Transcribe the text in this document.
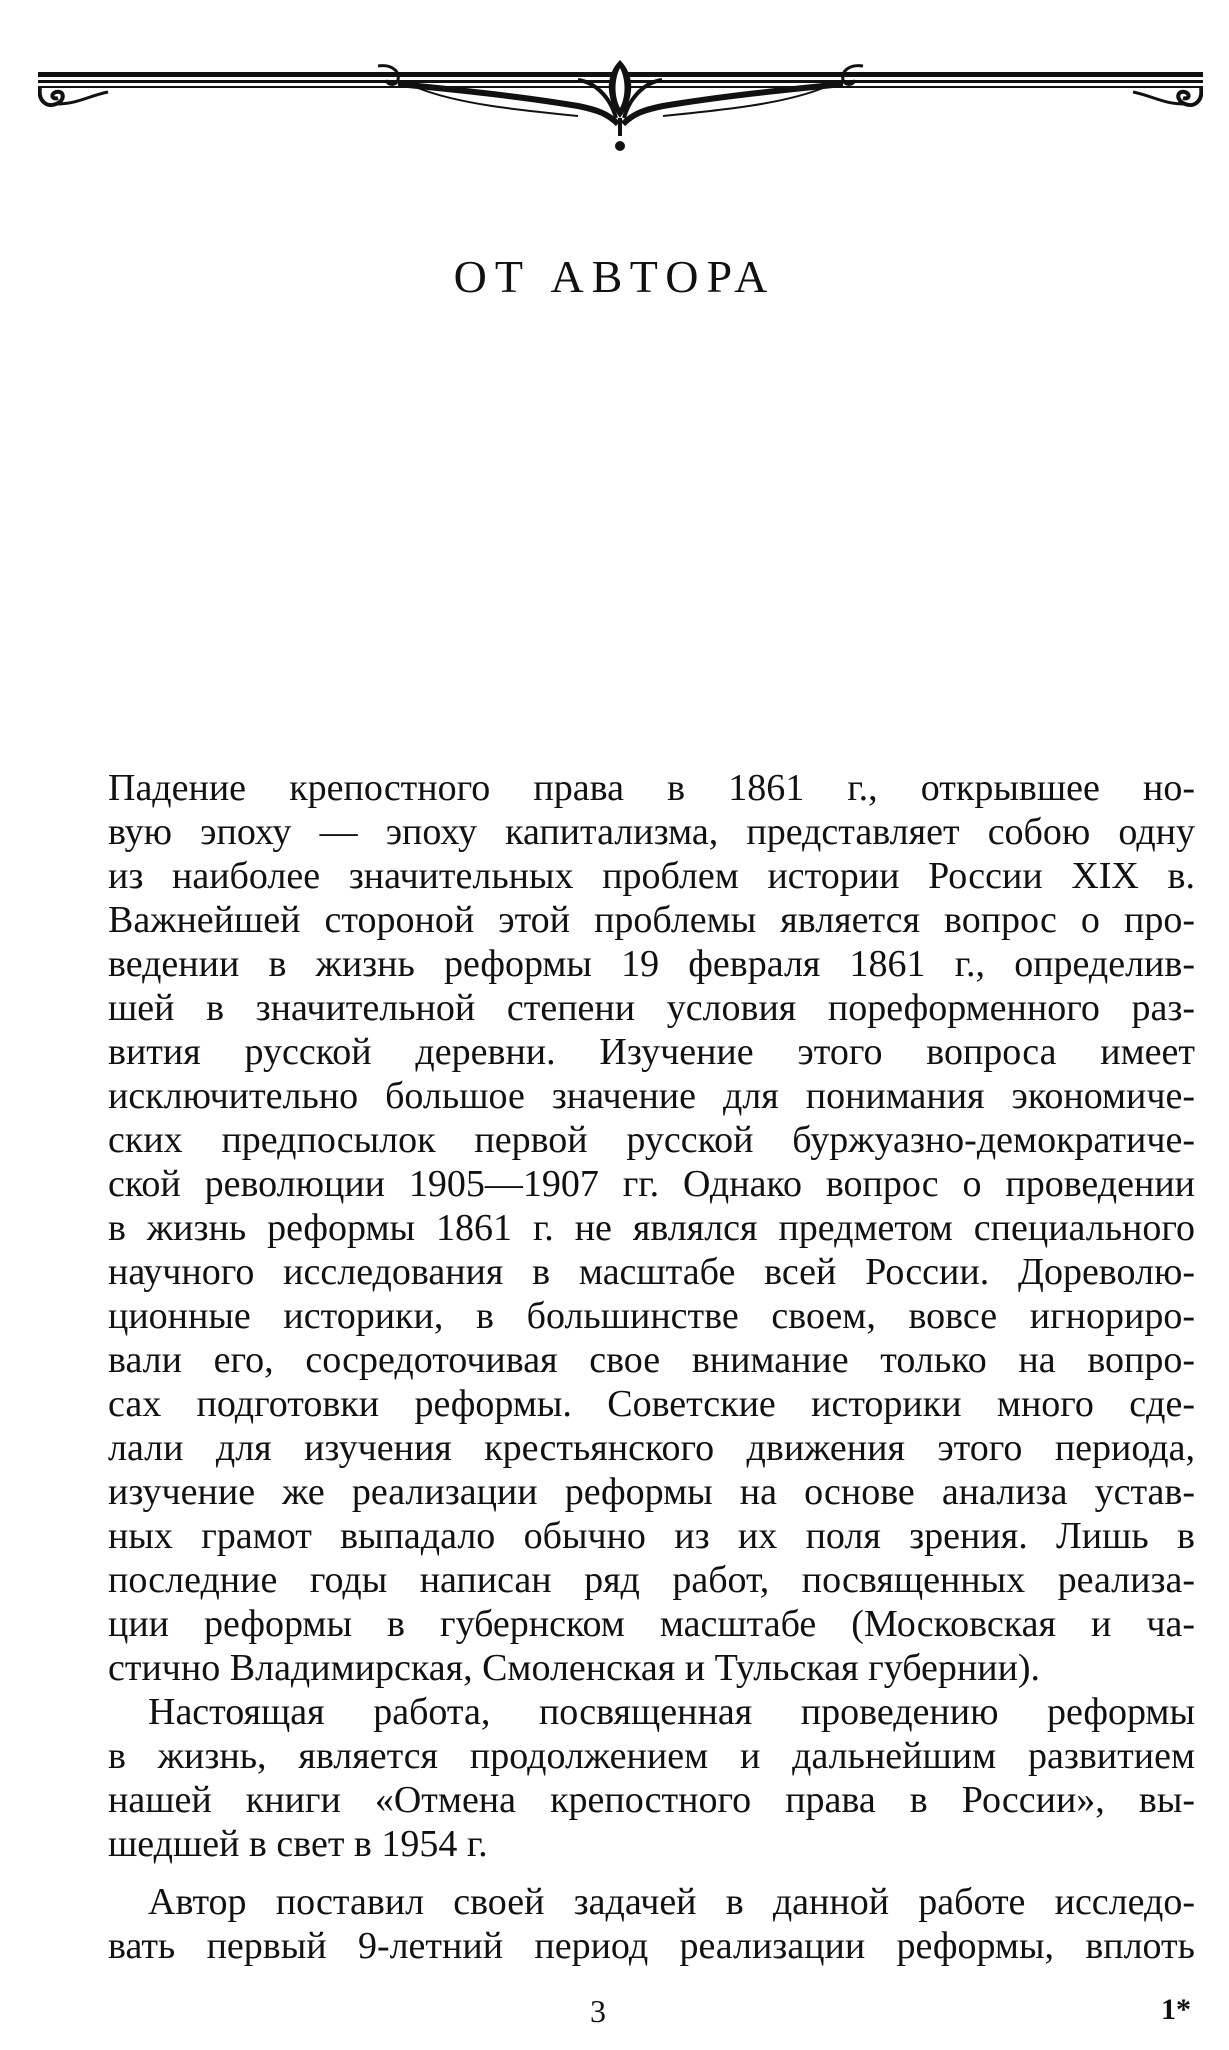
ОТ АВТОРА
Падение крепостного права в 1861 г., открывшее но-
вую эпоху — эпоху капитализма, представляет собою одну
из наиболее значительных проблем истории России XIX в.
Важнейшей стороной этой проблемы является вопрос о про-
ведении в жизнь реформы 19 февраля 1861 г., определив-
шей в значительной степени условия пореформенного раз-
вития русской деревни. Изучение этого вопроса имеет
исключительно большое значение для понимания экономиче-
ских предпосылок первой русской буржуазно-демократиче-
ской революции 1905—1907 гг. Однако вопрос о проведении
в жизнь реформы 1861 г. не являлся предметом специального
научного исследования в масштабе всей России. Дореволю-
ционные историки, в большинстве своем, вовсе игнориро-
вали его, сосредоточивая свое внимание только на вопро-
сах подготовки реформы. Советские историки много сде-
лали для изучения крестьянского движения этого периода,
изучение же реализации реформы на основе анализа устав-
ных грамот выпадало обычно из их поля зрения. Лишь в
последние годы написан ряд работ, посвященных реализа-
ции реформы в губернском масштабе (Московская и ча-
стично Владимирская, Смоленская и Тульская губернии).
Настоящая работа, посвященная проведению реформы
в жизнь, является продолжением и дальнейшим развитием
нашей книги «Отмена крепостного права в России», вы-
шедшей в свет в 1954 г.
Автор поставил своей задачей в данной работе исследо-
вать первый 9-летний период реализации реформы, вплоть
3	1*
